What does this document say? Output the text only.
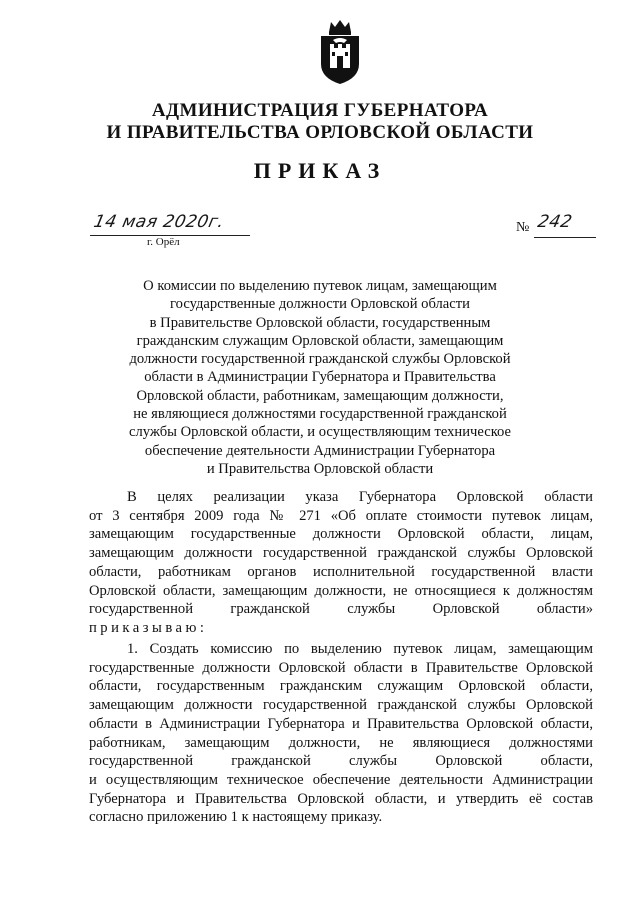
АДМИНИСТРАЦИЯ ГУБЕРНАТОРА
И ПРАВИТЕЛЬСТВА ОРЛОВСКОЙ ОБЛАСТИ
ПРИКАЗ
14 мая 2020г.
г. Орёл
№ 242
О комиссии по выделению путевок лицам, замещающим
государственные должности Орловской области
в Правительстве Орловской области, государственным
гражданским служащим Орловской области, замещающим
должности государственной гражданской службы Орловской
области в Администрации Губернатора и Правительства
Орловской области, работникам, замещающим должности,
не являющиеся должностями государственной гражданской
службы Орловской области, и осуществляющим техническое
обеспечение деятельности Администрации Губернатора
и Правительства Орловской области
В целях реализации указа Губернатора Орловской области
от 3 сентября 2009 года № 271 «Об оплате стоимости путевок лицам,
замещающим государственные должности Орловской области, лицам,
замещающим должности государственной гражданской службы Орловской
области, работникам органов исполнительной государственной власти
Орловской области, замещающим должности, не относящиеся к должностям
государственной гражданской службы Орловской области»
приказываю:
1. Создать комиссию по выделению путевок лицам, замещающим
государственные должности Орловской области в Правительстве Орловской
области, государственным гражданским служащим Орловской области,
замещающим должности государственной гражданской службы Орловской
области в Администрации Губернатора и Правительства Орловской области,
работникам, замещающим должности, не являющиеся должностями
государственной гражданской службы Орловской области,
и осуществляющим техническое обеспечение деятельности Администрации
Губернатора и Правительства Орловской области, и утвердить её состав
согласно приложению 1 к настоящему приказу.
